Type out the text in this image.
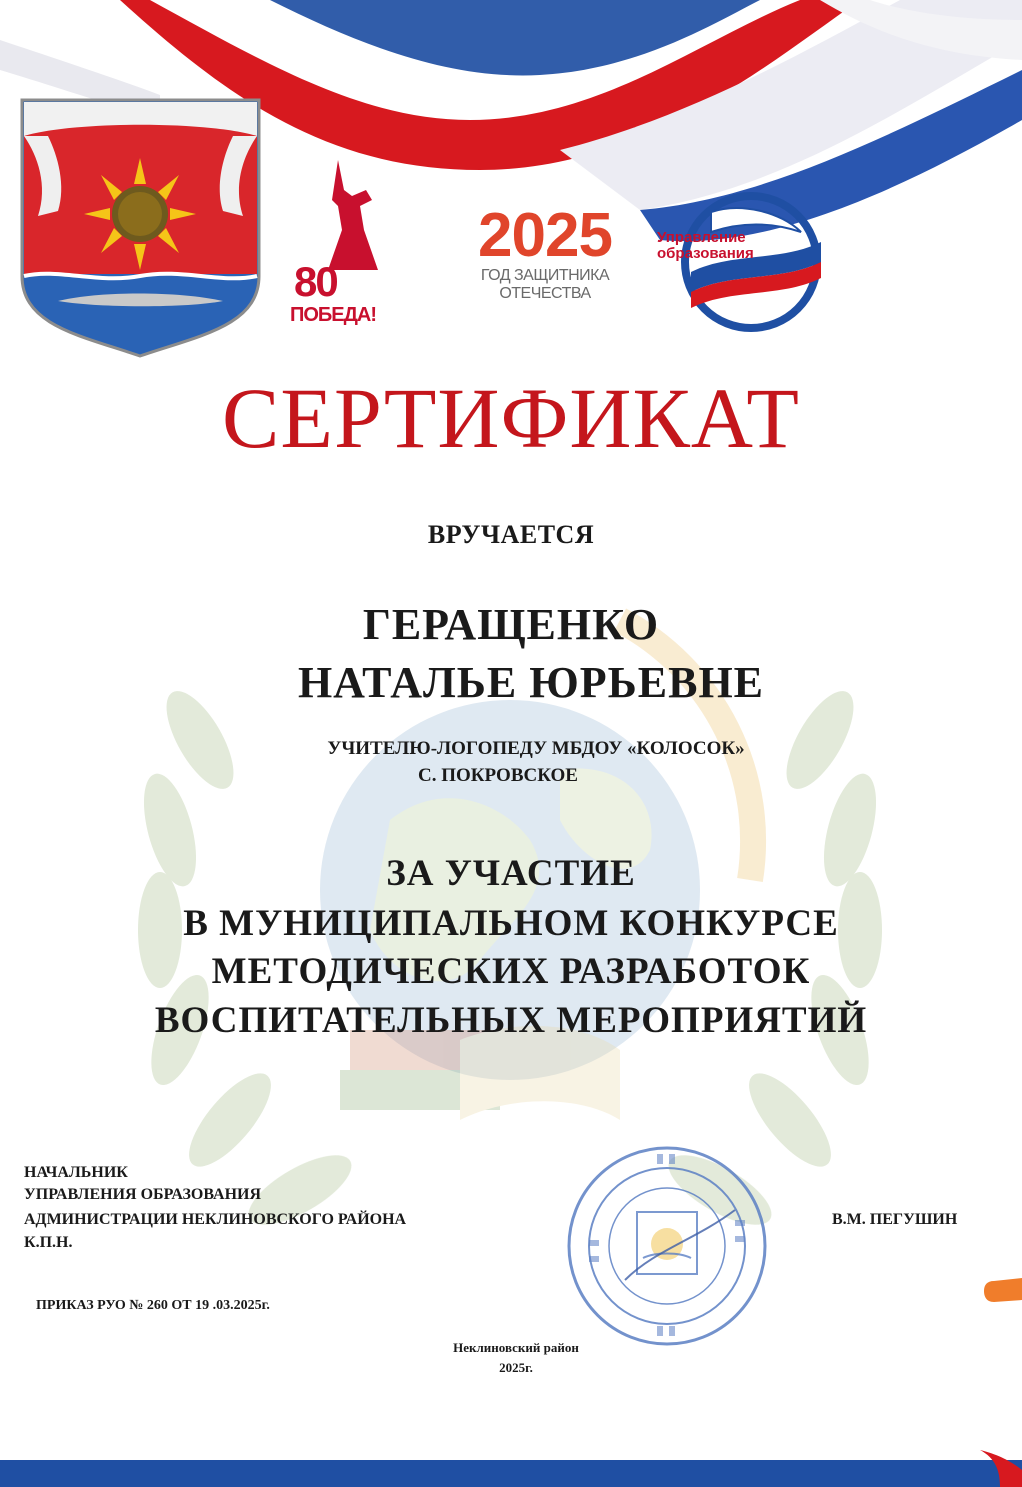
80
ПОБЕДА!
2025
ГОД ЗАЩИТНИКА
ОТЕЧЕСТВА
Управление
образования
СЕРТИФИКАТ
ВРУЧАЕТСЯ
ГЕРАЩЕНКО
НАТАЛЬЕ ЮРЬЕВНЕ
УЧИТЕЛЮ-ЛОГОПЕДУ МБДОУ «КОЛОСОК»
С. ПОКРОВСКОЕ
ЗА УЧАСТИЕ
В МУНИЦИПАЛЬНОМ КОНКУРСЕ
МЕТОДИЧЕСКИХ РАЗРАБОТОК
ВОСПИТАТЕЛЬНЫХ МЕРОПРИЯТИЙ
НАЧАЛЬНИК
УПРАВЛЕНИЯ ОБРАЗОВАНИЯ
АДМИНИСТРАЦИИ НЕКЛИНОВСКОГО РАЙОНА
К.П.Н.
В.М. ПЕГУШИН
ПРИКАЗ РУО № 260 ОТ 19 .03.2025г.
Неклиновский район
2025г.
